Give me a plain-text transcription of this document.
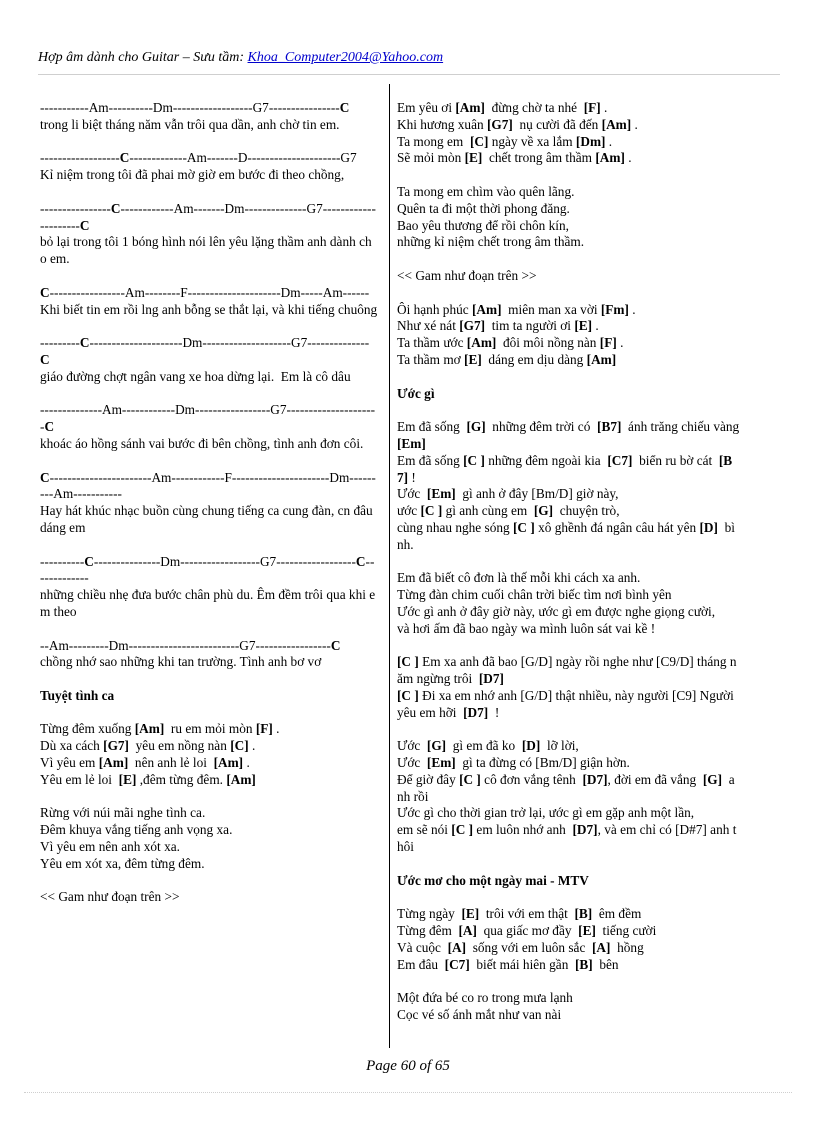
Hợp âm dành cho Guitar – Sưu tầm: Khoa_Computer2004@Yahoo.com
-----------Am----------Dm------------------G7----------------C
trong li biệt tháng năm vẫn trôi qua dần, anh chờ tin em.
------------------C-------------Am-------D---------------------G7
Kỉ niệm trong tôi đã phai mờ giờ em bước đi theo chồng,
----------------C------------Am-------Dm--------------G7---------------------C
bỏ lại trong tôi 1 bóng hình nói lên yêu lặng thầm anh dành cho em.
C-----------------Am--------F---------------------Dm-----Am------
Khi biết tin em rồi lng anh bỗng se thắt lại, và khi tiếng chuông
---------C---------------------Dm--------------------G7--------------C
giáo đường chợt ngân vang xe hoa dừng lại.  Em là cô dâu
--------------Am------------Dm-----------------G7---------------------C
khoác áo hồng sánh vai bước đi bên chồng, tình anh đơn côi.
C-----------------------Am------------F----------------------Dm---------Am-----------
Hay hát khúc nhạc buồn cùng chung tiếng ca cung đàn, cn đâu dáng em
----------C---------------Dm------------------G7------------------C-------------
những chiều nhẹ đưa bước chân phù du. Êm đềm trôi qua khi em theo
--Am---------Dm-------------------------G7-----------------C
chồng nhớ sao những khi tan trường. Tình anh bơ vơ
Tuyệt tình ca
Từng đêm xuống [Am]  ru em mỏi mòn [F] .
Dù xa cách [G7]  yêu em nồng nàn [C] .
Vì yêu em [Am]  nên anh lẻ loi  [Am] .
Yêu em lẻ loi  [E] ,đêm từng đêm. [Am]
Rừng với núi mãi nghe tình ca.
Đêm khuya vắng tiếng anh vọng xa.
Vì yêu em nên anh xót xa.
Yêu em xót xa, đêm từng đêm.
<< Gam như đoạn trên >>
Em yêu ơi [Am]  đừng chờ ta nhé  [F] .
Khi hương xuân [G7]  nụ cười đã đến [Am] .
Ta mong em  [C] ngày về xa lắm [Dm] .
Sẽ mỏi mòn [E]  chết trong âm thầm [Am] .
Ta mong em chìm vào quên lãng.
Quên ta đi một thời phong đăng.
Bao yêu thương để rồi chôn kín,
những kỉ niệm chết trong âm thầm.
<< Gam như đoạn trên >>
Ôi hạnh phúc [Am]  miên man xa vời [Fm] .
Như xé nát [G7]  tim ta người ơi [E] .
Ta thầm ước [Am]  đôi môi nồng nàn [F] .
Ta thầm mơ [E]  dáng em dịu dàng [Am]
Ước gì
Em đã sống  [G]  những đêm trời có  [B7]  ánh trăng chiếu vàng  [Em]
Em đã sống [C ] những đêm ngoài kia  [C7]  biển ru bờ cát  [B7] !
Ước  [Em]  gì anh ở đây [Bm/D] giờ này,
ước [C ] gì anh cùng em  [G]  chuyện trò,
cùng nhau nghe sóng [C ] xô ghềnh đá ngân câu hát yên [D]  bình.
Em đã biết cô đơn là thế mỗi khi cách xa anh.
Từng đàn chim cuối chân trời biếc tìm nơi bình yên
Ước gì anh ở đây giờ này, ước gì em được nghe giọng cười,
và hơi ấm đã bao ngày wa mình luôn sát vai kề !
[C ] Em xa anh đã bao [G/D] ngày rồi nghe như [C9/D] tháng năm ngừng trôi  [D7]
[C ] Đi xa em nhớ anh [G/D] thật nhiều, này người [C9] Người yêu em hỡi  [D7]  !
Ước  [G]  gì em đã ko  [D]  lỡ lời,
Ước  [Em]  gì ta đừng có [Bm/D] giận hờn.
Để giờ đây [C ] cô đơn vắng tênh  [D7], đời em đã vắng  [G]  anh rồi
Ước gì cho thời gian trở lại, ước gì em gặp anh một lần,
em sẽ nói [C ] em luôn nhớ anh  [D7], và em chỉ có [D#7] anh thôi
Ước mơ cho một ngày mai - MTV
Từng ngày  [E]  trôi với em thật  [B]  êm đềm
Từng đêm  [A]  qua giấc mơ đầy  [E]  tiếng cười
Và cuộc  [A]  sống với em luôn sắc  [A]  hồng
Em đâu  [C7]  biết mái hiên gần  [B]  bên
Một đứa bé co ro trong mưa lạnh
Cọc vé số ánh mắt như van nài
Page 60 of 65
